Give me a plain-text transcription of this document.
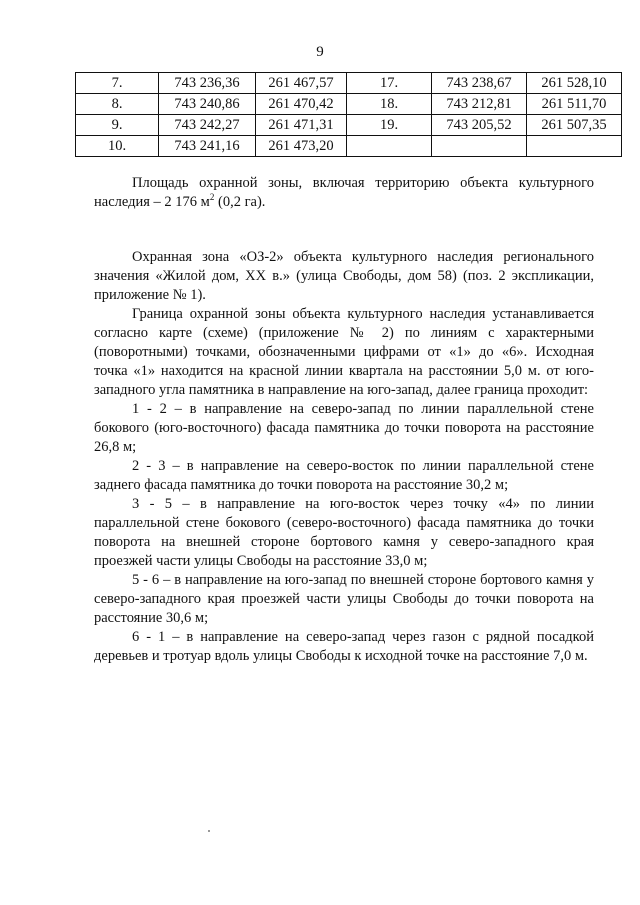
9
7.	743 236,36	261 467,57	17.	743 238,67	261 528,10
8.	743 240,86	261 470,42	18.	743 212,81	261 511,70
9.	743 242,27	261 471,31	19.	743 205,52	261 507,35
10.	743 241,16	261 473,20			

Площадь охранной зоны, включая территорию объекта культурного наследия – 2 176 $м^2$ (0,2 га).

Охранная зона «ОЗ-2» объекта культурного наследия регионального значения «Жилой дом, XX в.» (улица Свободы, дом 58) (поз. 2 экспликации, приложение № 1).

Граница охранной зоны объекта культурного наследия устанавливается согласно карте (схеме) (приложение № 2) по линиям с характерными (поворотными) точками, обозначенными цифрами от «1» до «6». Исходная точка «1» находится на красной линии квартала на расстоянии 5,0 м. от юго-западного угла памятника в направление на юго-запад, далее граница проходит:

1 - 2 – в направление на северо-запад по линии параллельной стене бокового (юго-восточного) фасада памятника до точки поворота на расстояние 26,8 м;

2 - 3 – в направление на северо-восток по линии параллельной стене заднего фасада памятника до точки поворота на расстояние 30,2 м;

3 - 5 – в направление на юго-восток через точку «4» по линии параллельной стене бокового (северо-восточного) фасада памятника до точки поворота на внешней стороне бортового камня у северо-западного края проезжей части улицы Свободы на расстояние 33,0 м;

5 - 6 – в направление на юго-запад по внешней стороне бортового камня у северо-западного края проезжей части улицы Свободы до точки поворота на расстояние 30,6 м;

6 - 1 – в направление на северо-запад через газон с рядной посадкой деревьев и тротуар вдоль улицы Свободы к исходной точке на расстояние 7,0 м.
